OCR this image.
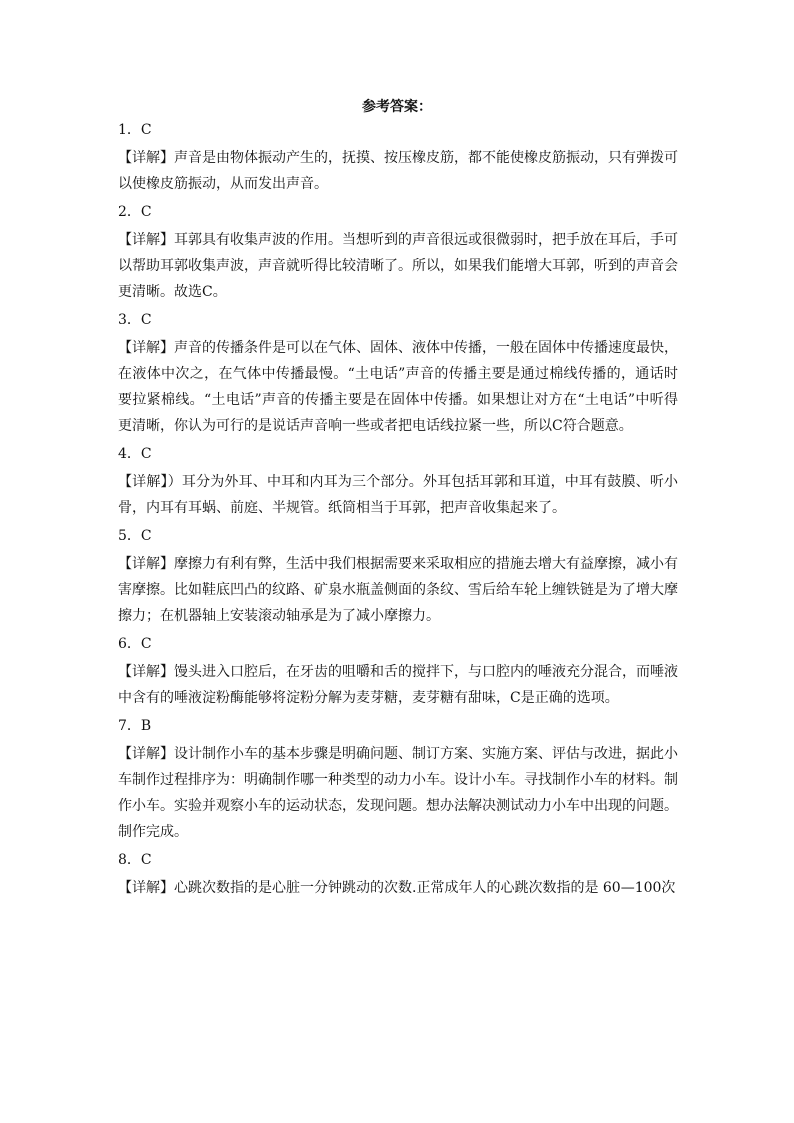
参考答案：
1．C
【详解】声音是由物体振动产生的，抚摸、按压橡皮筋，都不能使橡皮筋振动，只有弹拨可以使橡皮筋振动，从而发出声音。
2．C
【详解】耳郭具有收集声波的作用。当想听到的声音很远或很微弱时，把手放在耳后，手可以帮助耳郭收集声波，声音就听得比较清晰了。所以，如果我们能增大耳郭，听到的声音会更清晰。故选C。
3．C
【详解】声音的传播条件是可以在气体、固体、液体中传播，一般在固体中传播速度最快，在液体中次之，在气体中传播最慢。“土电话”声音的传播主要是通过棉线传播的，通话时要拉紧棉线。“土电话”声音的传播主要是在固体中传播。如果想让对方在“土电话”中听得更清晰，你认为可行的是说话声音响一些或者把电话线拉紧一些，所以C符合题意。
4．C
【详解】）耳分为外耳、中耳和内耳为三个部分。外耳包括耳郭和耳道，中耳有鼓膜、听小骨，内耳有耳蜗、前庭、半规管。纸筒相当于耳郭，把声音收集起来了。
5．C
【详解】摩擦力有利有弊，生活中我们根据需要来采取相应的措施去增大有益摩擦，减小有害摩擦。比如鞋底凹凸的纹路、矿泉水瓶盖侧面的条纹、雪后给车轮上缠铁链是为了增大摩擦力；在机器轴上安装滚动轴承是为了减小摩擦力。
6．C
【详解】馒头进入口腔后，在牙齿的咀嚼和舌的搅拌下，与口腔内的唾液充分混合，而唾液中含有的唾液淀粉酶能够将淀粉分解为麦芽糖，麦芽糖有甜味，C是正确的选项。
7．B
【详解】设计制作小车的基本步骤是明确问题、制订方案、实施方案、评估与改进，据此小车制作过程排序为：明确制作哪一种类型的动力小车。设计小车。寻找制作小车的材料。制作小车。实验并观察小车的运动状态，发现问题。想办法解决测试动力小车中出现的问题。制作完成。
8．C
【详解】心跳次数指的是心脏一分钟跳动的次数.正常成年人的心跳次数指的是 60—100次
